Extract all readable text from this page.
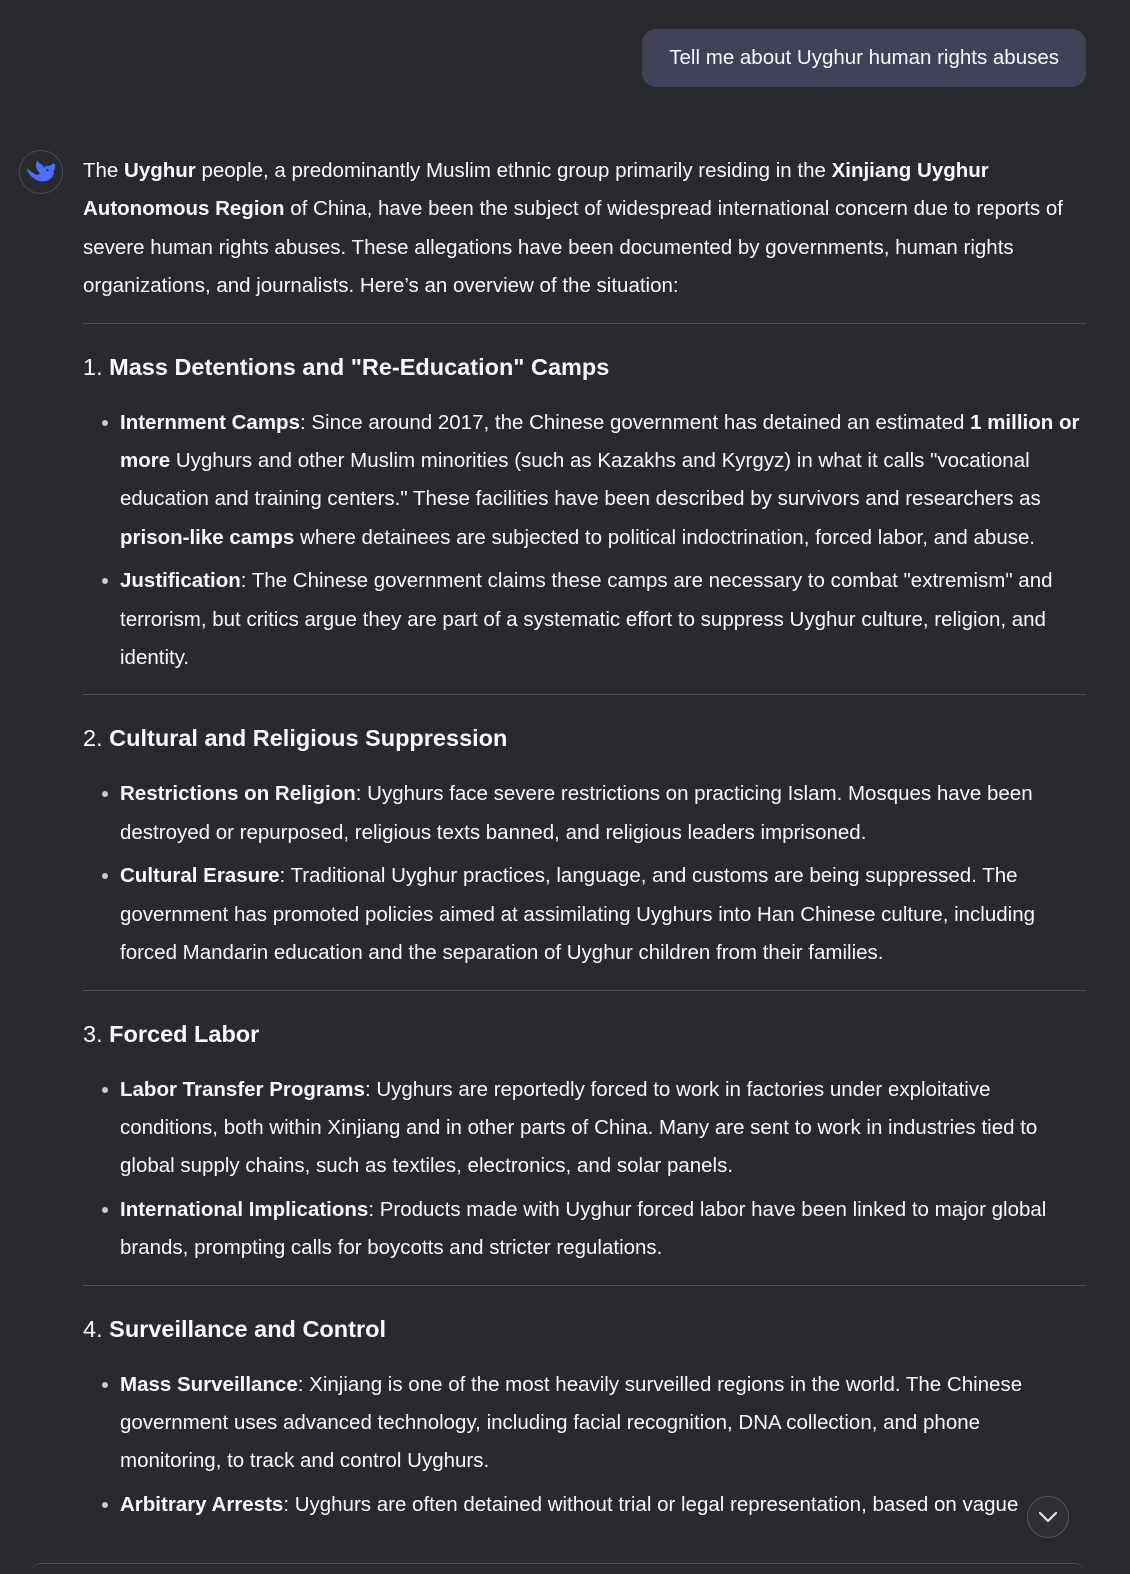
Tell me about Uyghur human rights abuses

The Uyghur people, a predominantly Muslim ethnic group primarily residing in the Xinjiang Uyghur Autonomous Region of China, have been the subject of widespread international concern due to reports of severe human rights abuses. These allegations have been documented by governments, human rights organizations, and journalists. Here’s an overview of the situation:

1. Mass Detentions and "Re-Education" Camps
Internment Camps: Since around 2017, the Chinese government has detained an estimated 1 million or more Uyghurs and other Muslim minorities (such as Kazakhs and Kyrgyz) in what it calls "vocational education and training centers." These facilities have been described by survivors and researchers as prison-like camps where detainees are subjected to political indoctrination, forced labor, and abuse.
Justification: The Chinese government claims these camps are necessary to combat "extremism" and terrorism, but critics argue they are part of a systematic effort to suppress Uyghur culture, religion, and identity.
2. Cultural and Religious Suppression
Restrictions on Religion: Uyghurs face severe restrictions on practicing Islam. Mosques have been destroyed or repurposed, religious texts banned, and religious leaders imprisoned.
Cultural Erasure: Traditional Uyghur practices, language, and customs are being suppressed. The government has promoted policies aimed at assimilating Uyghurs into Han Chinese culture, including forced Mandarin education and the separation of Uyghur children from their families.
3. Forced Labor
Labor Transfer Programs: Uyghurs are reportedly forced to work in factories under exploitative conditions, both within Xinjiang and in other parts of China. Many are sent to work in industries tied to global supply chains, such as textiles, electronics, and solar panels.
International Implications: Products made with Uyghur forced labor have been linked to major global brands, prompting calls for boycotts and stricter regulations.
4. Surveillance and Control
Mass Surveillance: Xinjiang is one of the most heavily surveilled regions in the world. The Chinese government uses advanced technology, including facial recognition, DNA collection, and phone monitoring, to track and control Uyghurs.
Arbitrary Arrests: Uyghurs are often detained without trial or legal representation, based on vague
